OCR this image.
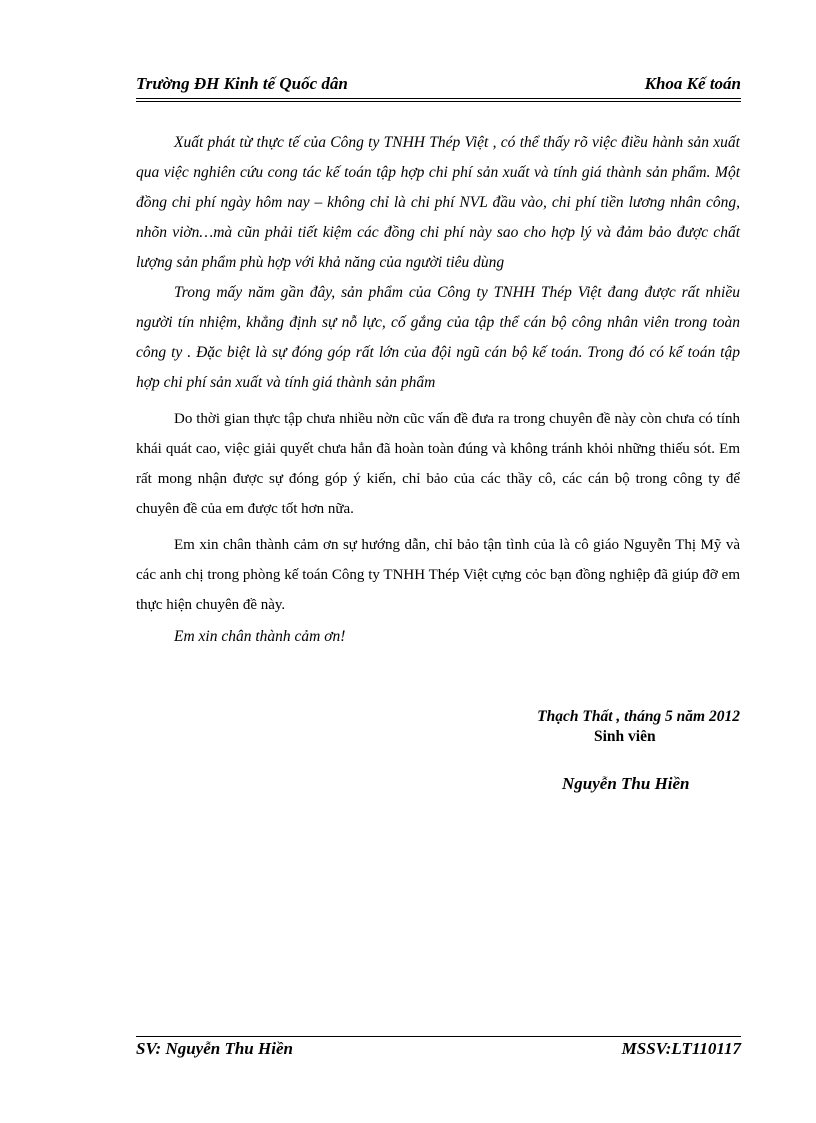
Trường ĐH Kinh tế Quốc dân	Khoa Kế toán

Xuất phát từ thực tế của Công ty TNHH Thép Việt , có thể thấy rõ việc điều hành sản xuất qua việc nghiên cứu cong tác kế toán tập hợp chi phí sản xuất và tính giá thành sản phẩm. Một đồng chi phí ngày hôm nay – không chỉ là chi phí NVL đầu vào, chi phí tiền lương nhân công, nhõn viờn…mà cũn phải tiết kiệm các đồng chi phí này sao cho hợp lý và đảm bảo được chất lượng sản phẩm phù hợp với khả năng của người tiêu dùng

Trong mấy năm gần đây, sản phẩm của Công ty TNHH Thép Việt đang được rất nhiều người tín nhiệm, khẳng định sự nỗ lực, cố gắng của tập thể cán bộ công nhân viên trong toàn công ty . Đặc biệt là sự đóng góp rất lớn của đội ngũ cán bộ kế toán. Trong đó có kế toán tập hợp chi phí sản xuất và tính giá thành sản phẩm

Do thời gian thực tập chưa nhiều nờn cũc vấn đề đưa ra trong chuyên đề này còn chưa có tính khái quát cao, việc giải quyết chưa hẳn đã hoàn toàn đúng và không tránh khỏi những thiếu sót. Em rất mong nhận được sự đóng góp ý kiến, chỉ bảo của các thầy cô, các cán bộ trong công ty để chuyên đề của em được tốt hơn nữa.

Em xin chân thành cảm ơn sự hướng dẫn, chỉ bảo tận tình của là cô giáo Nguyễn Thị Mỹ và các anh chị trong phòng kế toán Công ty TNHH Thép Việt cựng cỏc bạn đồng nghiệp đã giúp đỡ em thực hiện chuyên đề này.

Em xin chân thành cảm ơn!

Thạch Thất , tháng 5 năm 2012
Sinh viên
Nguyễn Thu Hiền
SV: Nguyễn Thu Hiền	MSSV:LT110117
